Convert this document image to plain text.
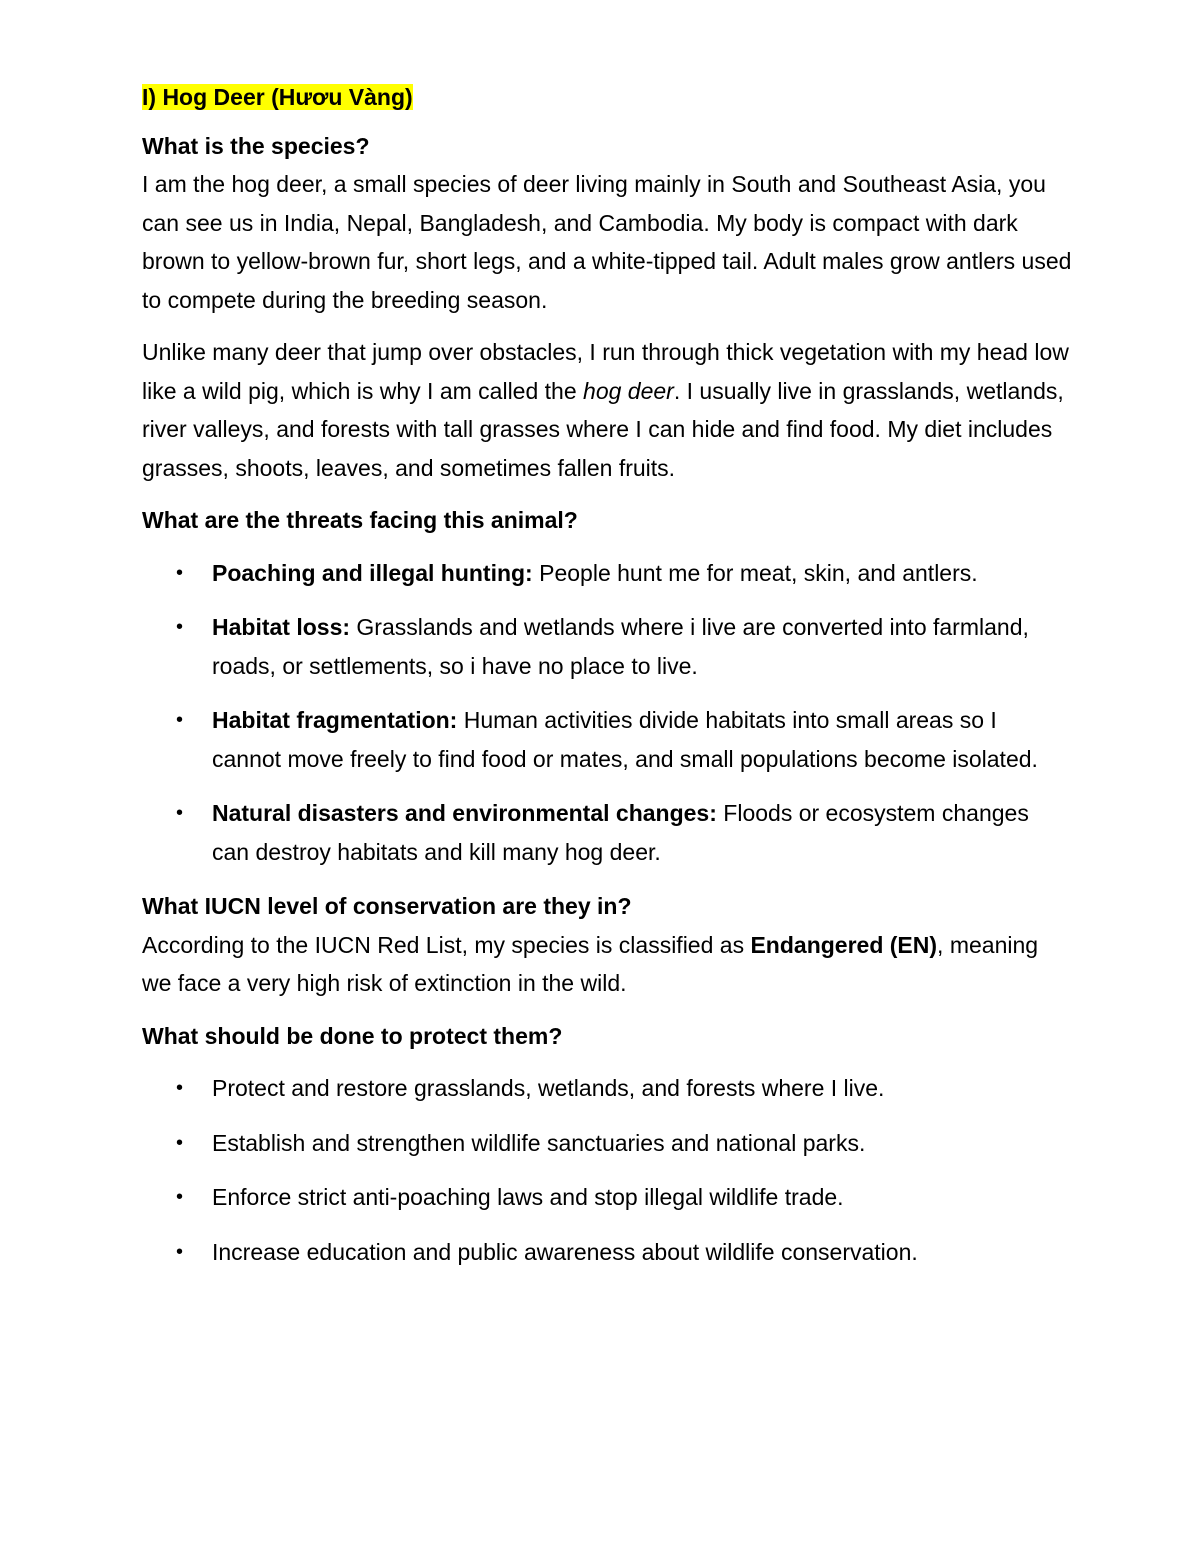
I) Hog Deer (Hươu Vàng)

What is the species?

I am the hog deer, a small species of deer living mainly in South and Southeast Asia, you can see us in India, Nepal, Bangladesh, and Cambodia. My body is compact with dark brown to yellow-brown fur, short legs, and a white-tipped tail. Adult males grow antlers used to compete during the breeding season.

Unlike many deer that jump over obstacles, I run through thick vegetation with my head low like a wild pig, which is why I am called the hog deer. I usually live in grasslands, wetlands, river valleys, and forests with tall grasses where I can hide and find food. My diet includes grasses, shoots, leaves, and sometimes fallen fruits.

What are the threats facing this animal?

• Poaching and illegal hunting: People hunt me for meat, skin, and antlers.
• Habitat loss: Grasslands and wetlands where i live are converted into farmland, roads, or settlements, so i have no place to live.
• Habitat fragmentation: Human activities divide habitats into small areas so I cannot move freely to find food or mates, and small populations become isolated.
• Natural disasters and environmental changes: Floods or ecosystem changes can destroy habitats and kill many hog deer.

What IUCN level of conservation are they in?

According to the IUCN Red List, my species is classified as Endangered (EN), meaning we face a very high risk of extinction in the wild.

What should be done to protect them?

• Protect and restore grasslands, wetlands, and forests where I live.
• Establish and strengthen wildlife sanctuaries and national parks.
• Enforce strict anti-poaching laws and stop illegal wildlife trade.
• Increase education and public awareness about wildlife conservation.
